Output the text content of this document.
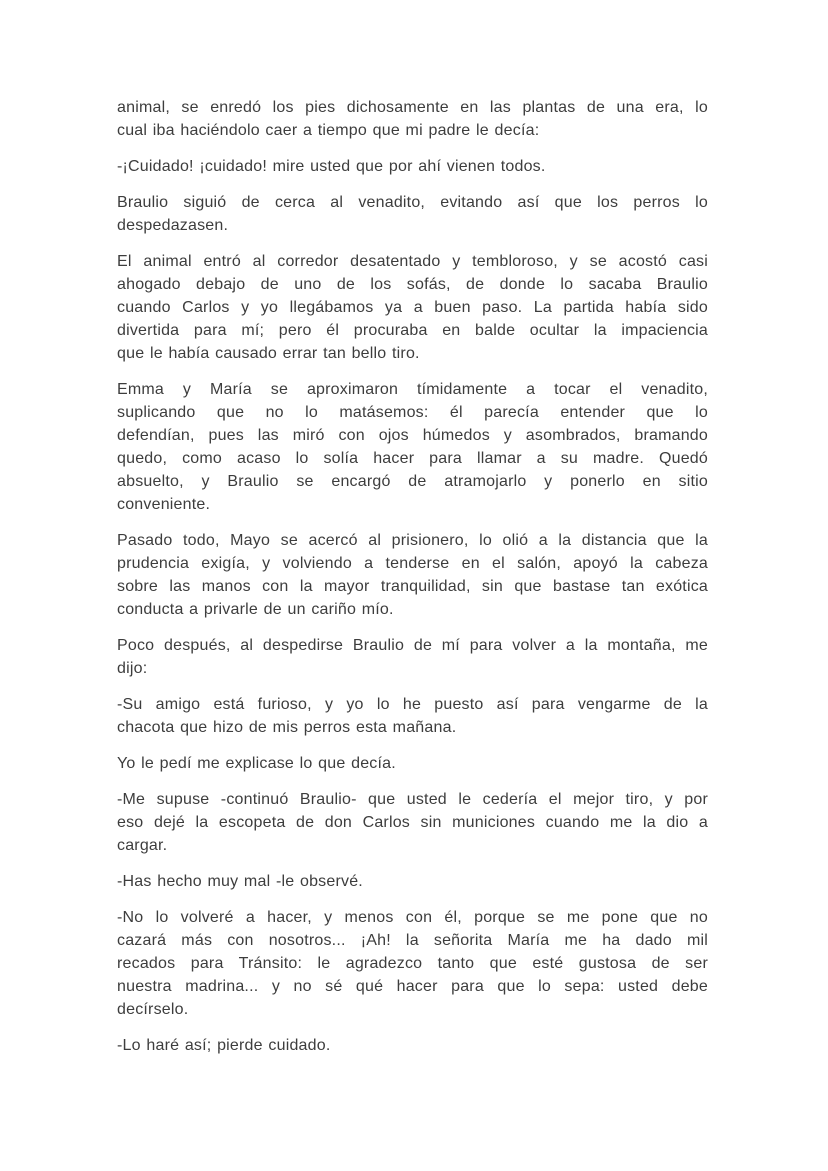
animal, se enredó los pies dichosamente en las plantas de una era, lo
cual iba haciéndolo caer a tiempo que mi padre le decía:

-¡Cuidado! ¡cuidado! mire usted que por ahí vienen todos.

Braulio siguió de cerca al venadito, evitando así que los perros lo
despedazasen.

El animal entró al corredor desatentado y tembloroso, y se acostó casi
ahogado debajo de uno de los sofás, de donde lo sacaba Braulio
cuando Carlos y yo llegábamos ya a buen paso. La partida había sido
divertida para mí; pero él procuraba en balde ocultar la impaciencia
que le había causado errar tan bello tiro.

Emma y María se aproximaron tímidamente a tocar el venadito,
suplicando que no lo matásemos: él parecía entender que lo
defendían, pues las miró con ojos húmedos y asombrados, bramando
quedo, como acaso lo solía hacer para llamar a su madre. Quedó
absuelto, y Braulio se encargó de atramojarlo y ponerlo en sitio
conveniente.

Pasado todo, Mayo se acercó al prisionero, lo olió a la distancia que la
prudencia exigía, y volviendo a tenderse en el salón, apoyó la cabeza
sobre las manos con la mayor tranquilidad, sin que bastase tan exótica
conducta a privarle de un cariño mío.

Poco después, al despedirse Braulio de mí para volver a la montaña, me
dijo:

-Su amigo está furioso, y yo lo he puesto así para vengarme de la
chacota que hizo de mis perros esta mañana.

Yo le pedí me explicase lo que decía.

-Me supuse -continuó Braulio- que usted le cedería el mejor tiro, y por
eso dejé la escopeta de don Carlos sin municiones cuando me la dio a
cargar.

-Has hecho muy mal -le observé.

-No lo volveré a hacer, y menos con él, porque se me pone que no
cazará más con nosotros... ¡Ah! la señorita María me ha dado mil
recados para Tránsito: le agradezco tanto que esté gustosa de ser
nuestra madrina... y no sé qué hacer para que lo sepa: usted debe
decírselo.

-Lo haré así; pierde cuidado.
